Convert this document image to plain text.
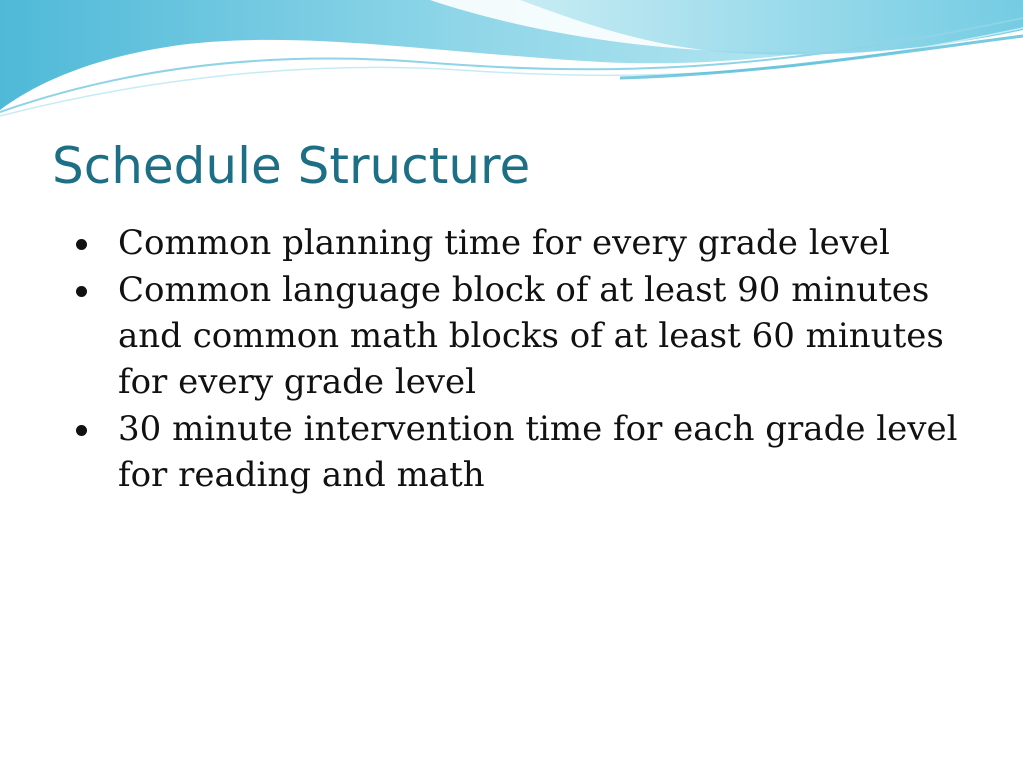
Schedule Structure
Common planning time for every grade level
Common language block of at least 90 minutes and common math blocks of at least 60 minutes for every grade level
30 minute intervention time for each grade level for reading and math
